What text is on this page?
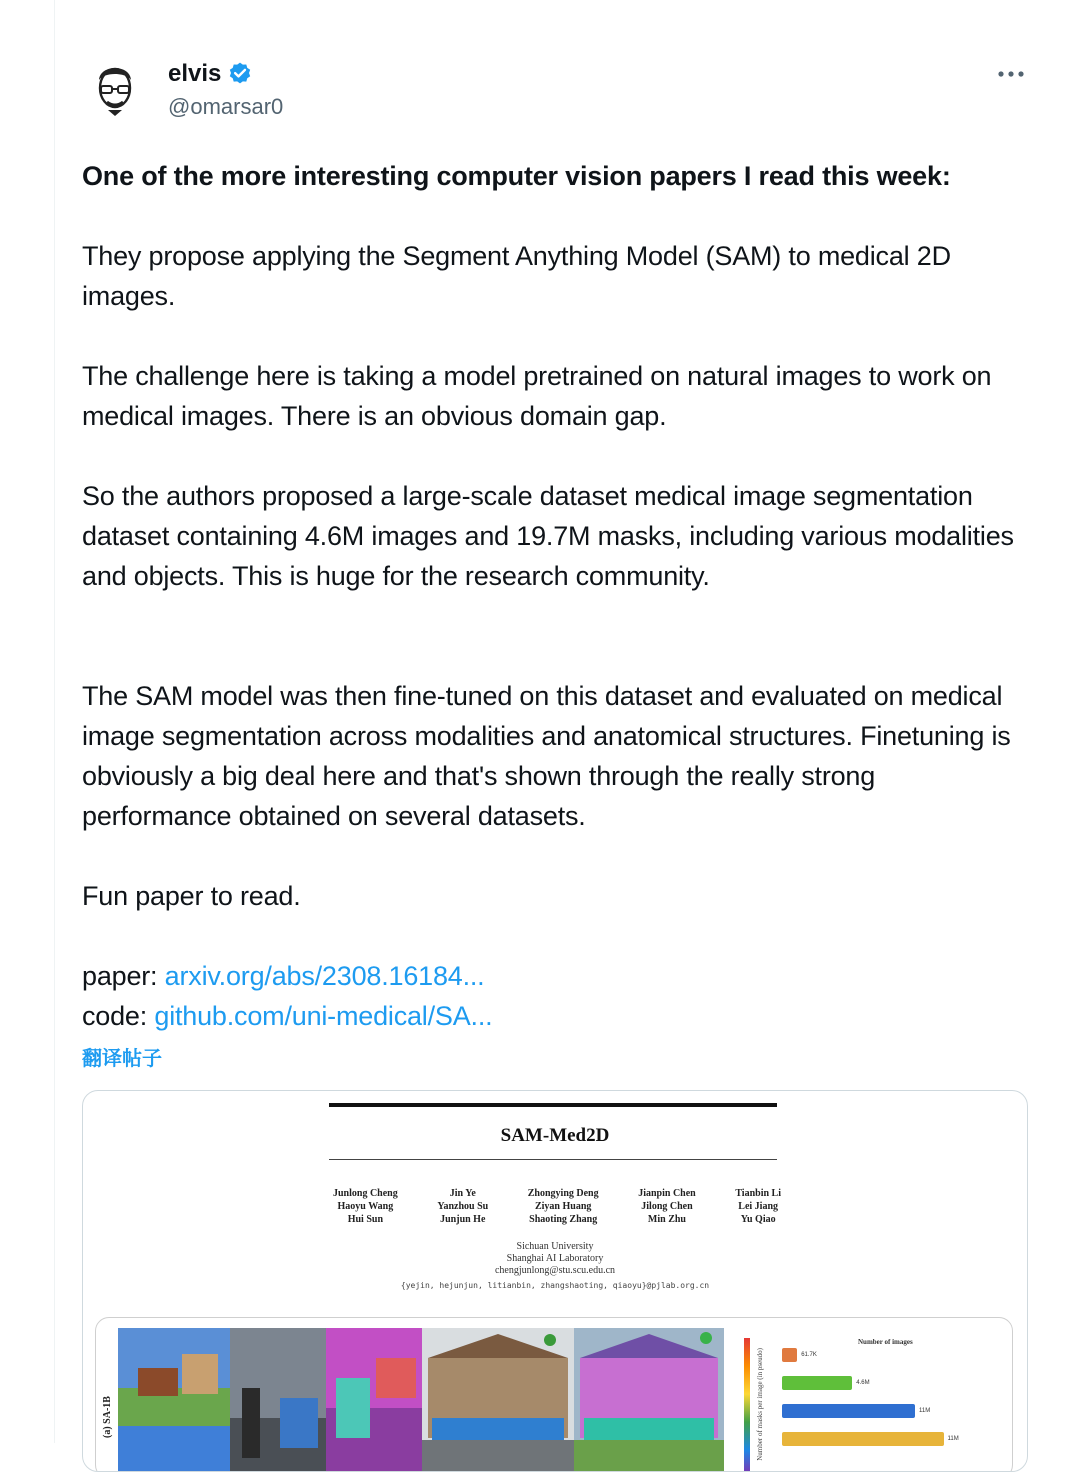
elvis
@omarsar0
One of the more interesting computer vision papers I read this week:
They propose applying the Segment Anything Model (SAM) to medical 2D images.
The challenge here is taking a model pretrained on natural images to work on medical images. There is an obvious domain gap.
So the authors proposed a large-scale dataset medical image segmentation dataset containing 4.6M images and 19.7M masks, including various modalities and objects. This is huge for the research community.
The SAM model was then fine-tuned on this dataset and evaluated on medical image segmentation across modalities and anatomical structures. Finetuning is obviously a big deal here and that's shown through the really strong performance obtained on several datasets.
Fun paper to read.
paper: arxiv.org/abs/2308.16184...
code: github.com/uni-medical/SA...
翻译帖子
SAM-Med2D
Junlong Cheng
Haoyu Wang
Hui Sun
Jin Ye
Yanzhou Su
Junjun He
Zhongying Deng
Ziyan Huang
Shaoting Zhang
Jianpin Chen
Jilong Chen
Min Zhu
Tianbin Li
Lei Jiang
Yu Qiao
Sichuan University
Shanghai AI Laboratory
chengjunlong@stu.scu.edu.cn
{yejin, hejunjun, litianbin, zhangshaoting, qiaoyu}@pjlab.org.cn
(a) SA-1B	Number of masks per image (in pseudo)
Number of images
61.7K
4.6M
11M
11M
